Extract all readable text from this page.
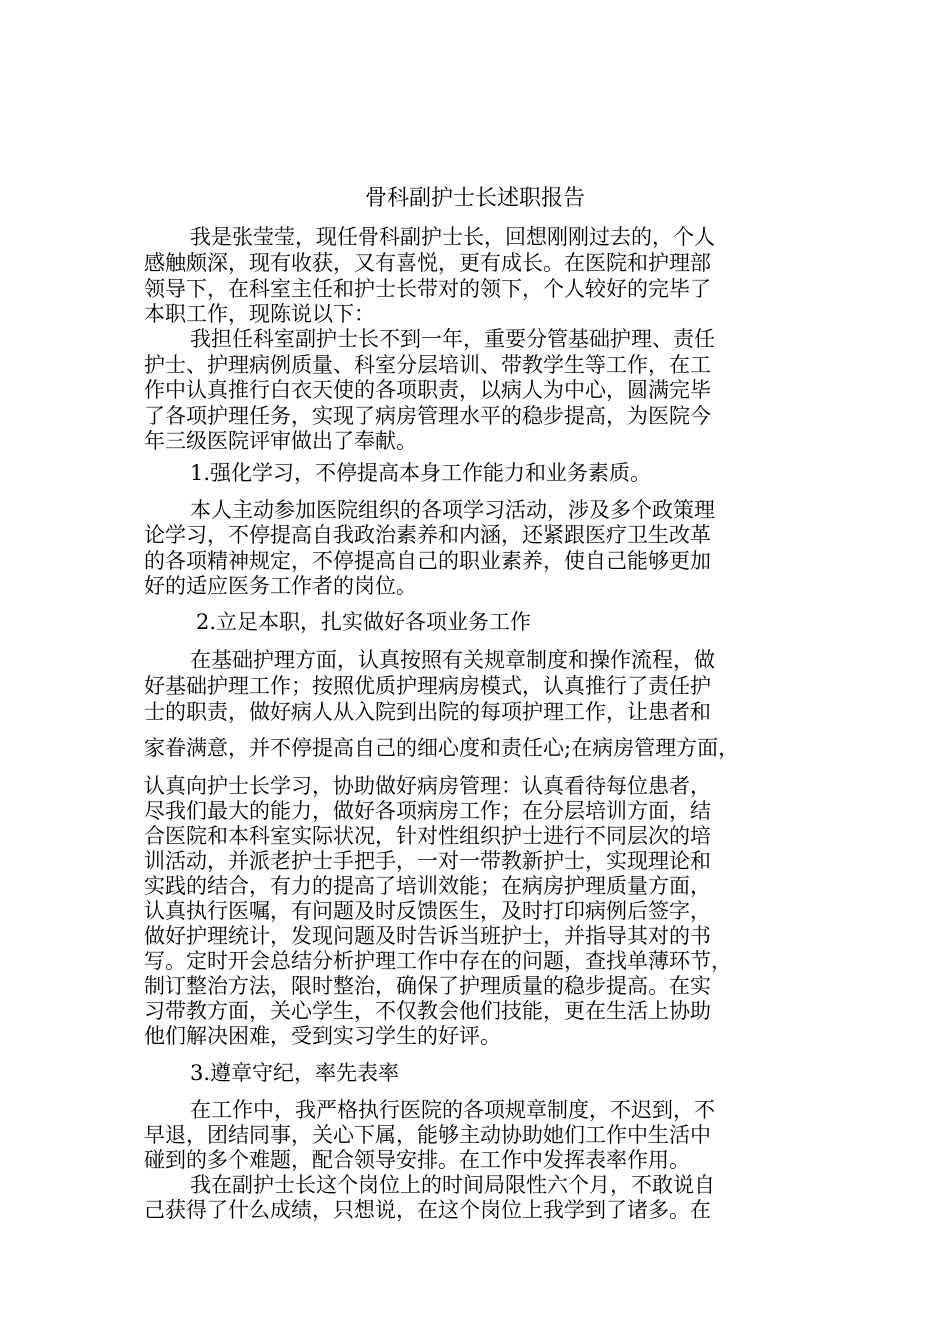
骨科副护士长述职报告
我是张莹莹，现任骨科副护士长，回想刚刚过去的，个人
感触颇深，现有收获，又有喜悦，更有成长。在医院和护理部
领导下，在科室主任和护士长带对的领下，个人较好的完毕了
本职工作，现陈说以下：
我担任科室副护士长不到一年，重要分管基础护理、责任
护士、护理病例质量、科室分层培训、带教学生等工作，在工
作中认真推行白衣天使的各项职责，以病人为中心，圆满完毕
了各项护理任务，实现了病房管理水平的稳步提高，为医院今
年三级医院评审做出了奉献。
1.强化学习，不停提高本身工作能力和业务素质。
本人主动参加医院组织的各项学习活动，涉及多个政策理
论学习，不停提高自我政治素养和内涵，还紧跟医疗卫生改革
的各项精神规定，不停提高自己的职业素养，使自己能够更加
好的适应医务工作者的岗位。
2.立足本职，扎实做好各项业务工作
在基础护理方面，认真按照有关规章制度和操作流程，做
好基础护理工作；按照优质护理病房模式，认真推行了责任护
士的职责，做好病人从入院到出院的每项护理工作，让患者和
家眷满意，并不停提高自己的细心度和责任心;在病房管理方面，
认真向护士长学习，协助做好病房管理：认真看待每位患者，
尽我们最大的能力，做好各项病房工作；在分层培训方面，结
合医院和本科室实际状况，针对性组织护士进行不同层次的培
训活动，并派老护士手把手，一对一带教新护士，实现理论和
实践的结合，有力的提高了培训效能；在病房护理质量方面，
认真执行医嘱，有问题及时反馈医生，及时打印病例后签字，
做好护理统计，发现问题及时告诉当班护士，并指导其对的书
写。定时开会总结分析护理工作中存在的问题，查找单薄环节，
制订整治方法，限时整治，确保了护理质量的稳步提高。在实
习带教方面，关心学生，不仅教会他们技能，更在生活上协助
他们解决困难，受到实习学生的好评。
3.遵章守纪，率先表率
在工作中，我严格执行医院的各项规章制度，不迟到，不
早退，团结同事，关心下属，能够主动协助她们工作中生活中
碰到的多个难题，配合领导安排。在工作中发挥表率作用。
我在副护士长这个岗位上的时间局限性六个月，不敢说自
己获得了什么成绩，只想说，在这个岗位上我学到了诸多。在
